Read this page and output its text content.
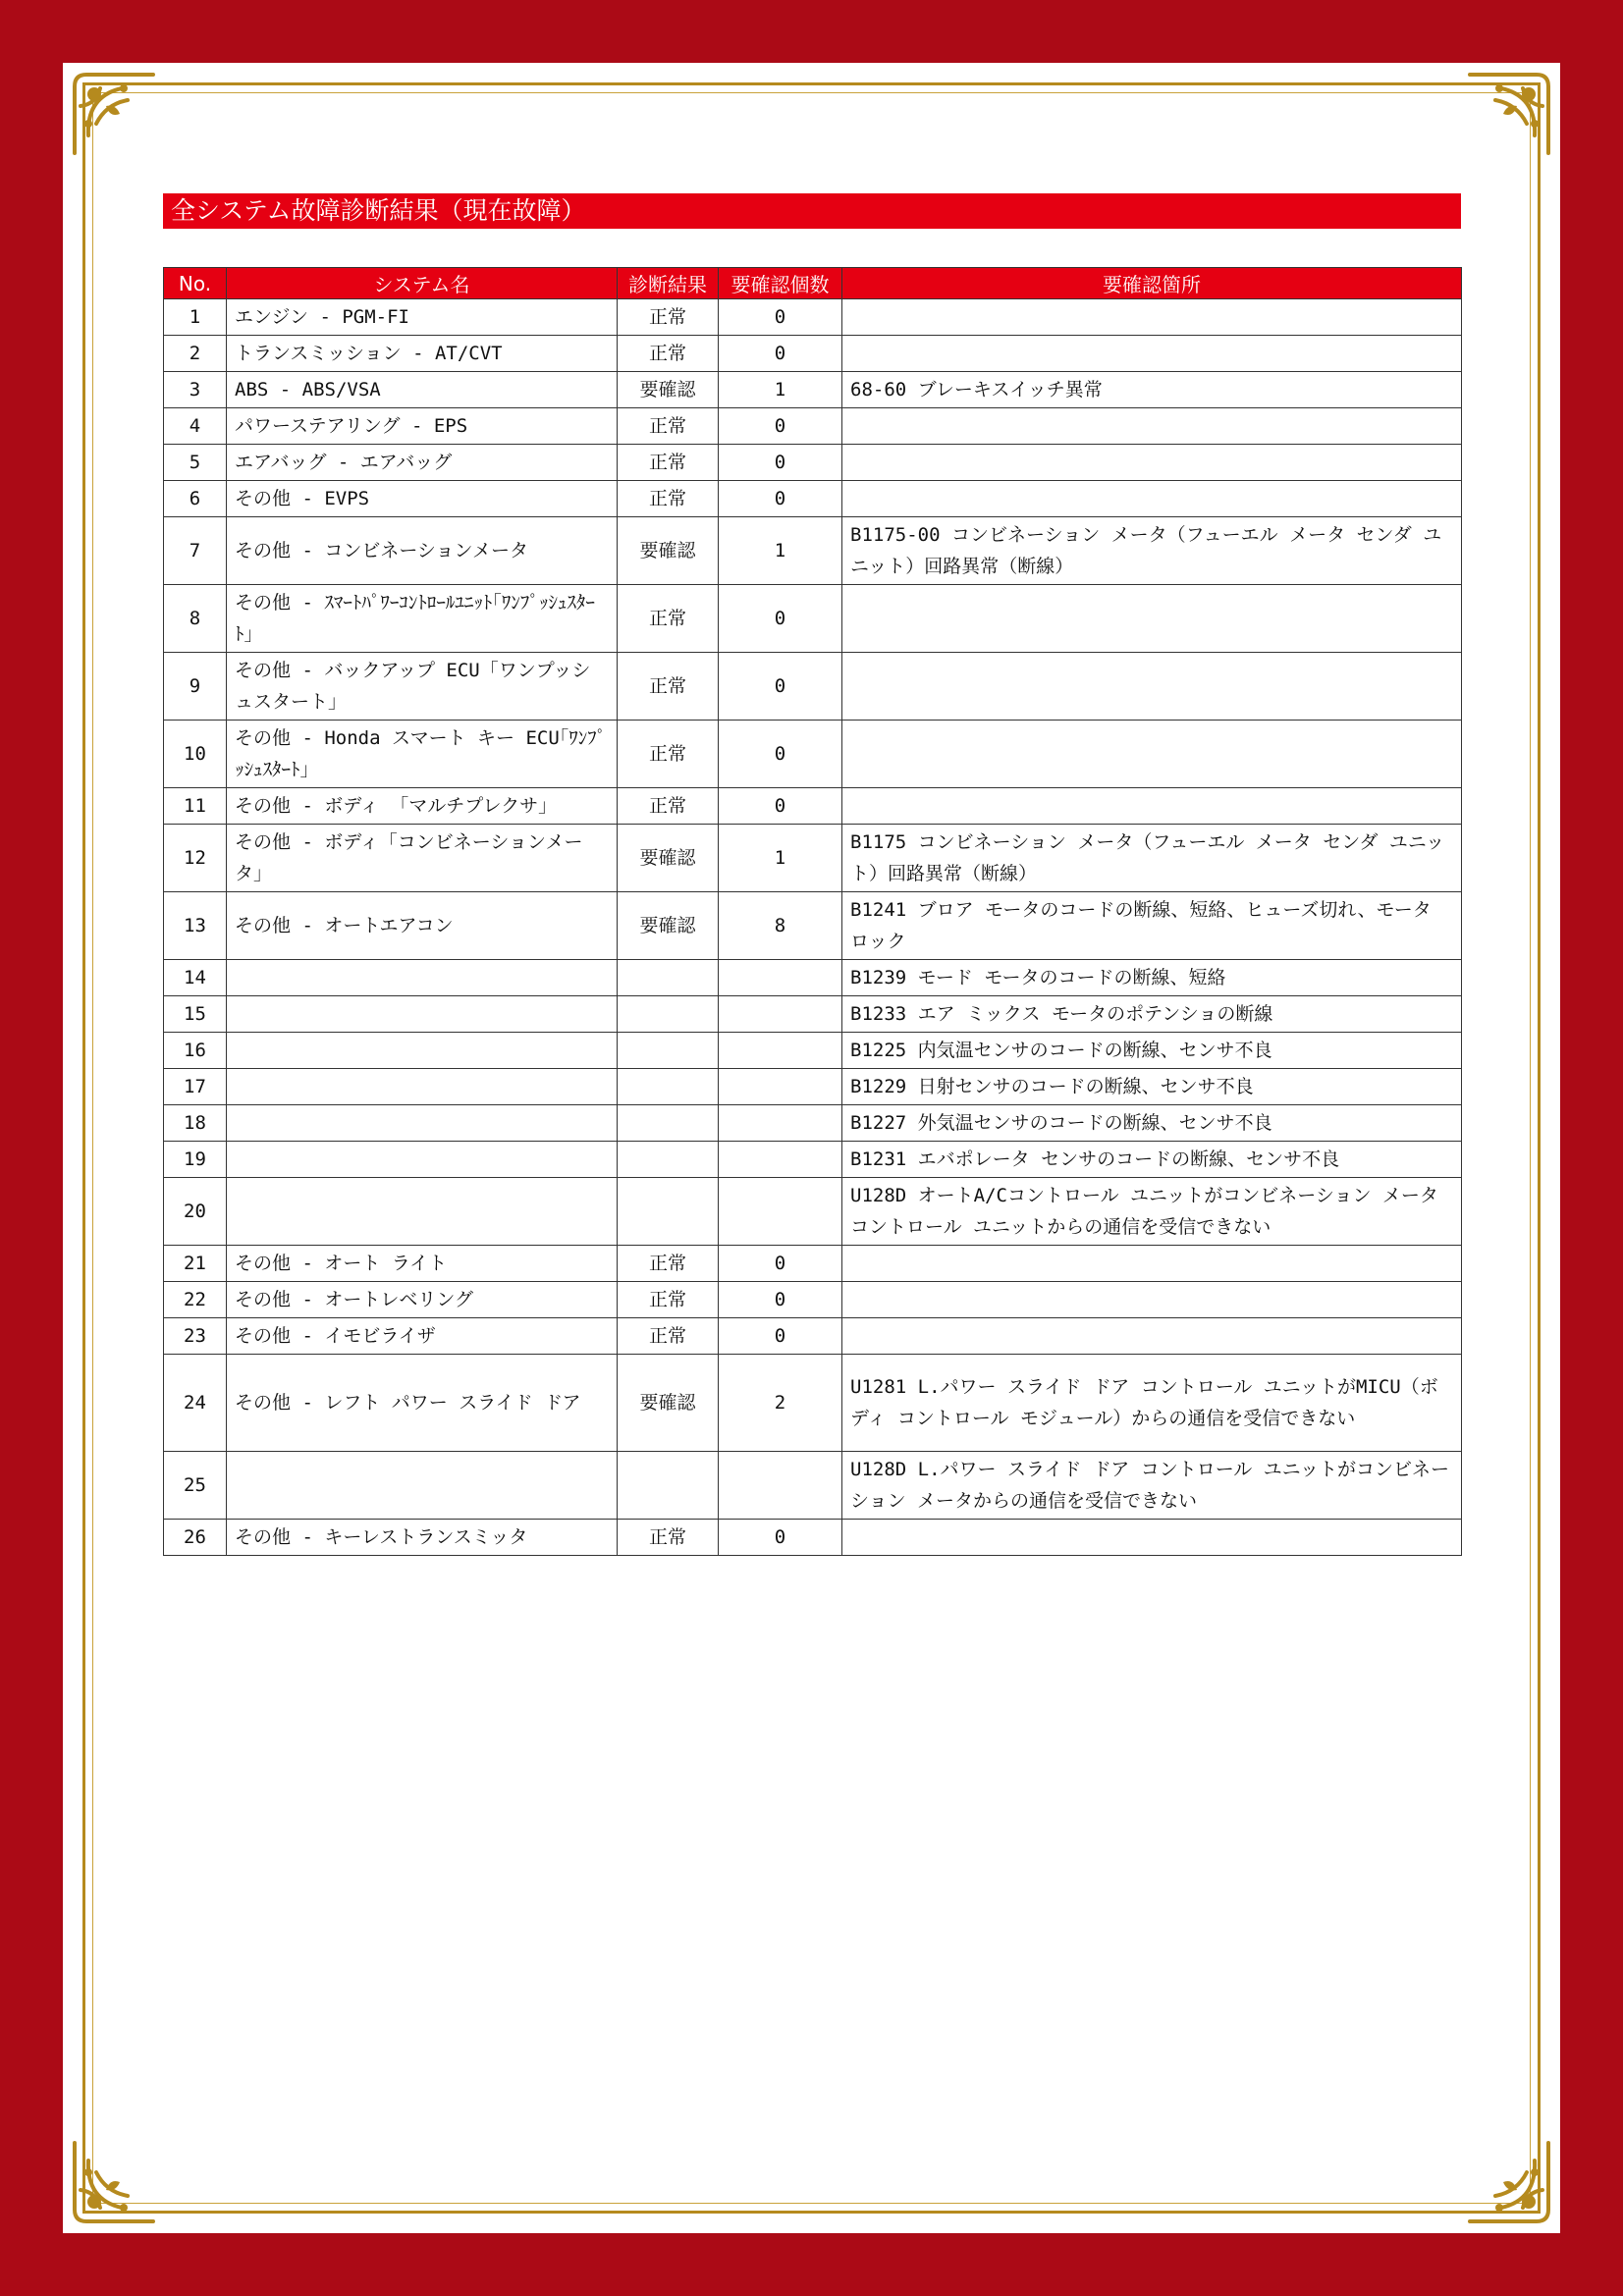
全システム故障診断結果（現在故障）
No.	システム名	診断結果	要確認個数	要確認箇所
1	エンジン - PGM-FI	正常	0	
2	トランスミッション - AT/CVT	正常	0	
3	ABS - ABS/VSA	要確認	1	68-60 ブレーキスイッチ異常
4	パワーステアリング - EPS	正常	0	
5	エアバッグ - エアバッグ	正常	0	
6	その他 - EVPS	正常	0	
7	その他 - コンビネーションメータ	要確認	1	B1175-00 コンビネーション メータ（フューエル メータ センダ ユニット）回路異常（断線）
8	その他 - ｽﾏｰﾄﾊﾟﾜｰｺﾝﾄﾛｰﾙﾕﾆｯﾄ｢ﾜﾝﾌﾟｯｼｭｽﾀｰﾄ｣	正常	0	
9	その他 - バックアップ ECU「ワンプッシュスタート」	正常	0	
10	その他 - Honda スマート キー ECU｢ﾜﾝﾌﾟｯｼｭｽﾀｰﾄ｣	正常	0	
11	その他 - ボディ 「マルチプレクサ」	正常	0	
12	その他 - ボディ「コンビネーションメータ」	要確認	1	B1175 コンビネーション メータ（フューエル メータ センダ ユニット）回路異常（断線）
13	その他 - オートエアコン	要確認	8	B1241 ブロア モータのコードの断線、短絡、ヒューズ切れ、モータ ロック
14				B1239 モード モータのコードの断線、短絡
15				B1233 エア ミックス モータのポテンショの断線
16				B1225 内気温センサのコードの断線、センサ不良
17				B1229 日射センサのコードの断線、センサ不良
18				B1227 外気温センサのコードの断線、センサ不良
19				B1231 エバポレータ センサのコードの断線、センサ不良
20				U128D オートA/Cコントロール ユニットがコンビネーション メータ コントロール ユニットからの通信を受信できない
21	その他 - オート ライト	正常	0	
22	その他 - オートレベリング	正常	0	
23	その他 - イモビライザ	正常	0	
24	その他 - レフト パワー スライド ドア	要確認	2	U1281 L.パワー スライド ドア コントロール ユニットがMICU（ボディ コントロール モジュール）からの通信を受信できない
25				U128D L.パワー スライド ドア コントロール ユニットがコンビネーション メータからの通信を受信できない
26	その他 - キーレストランスミッタ	正常	0	
